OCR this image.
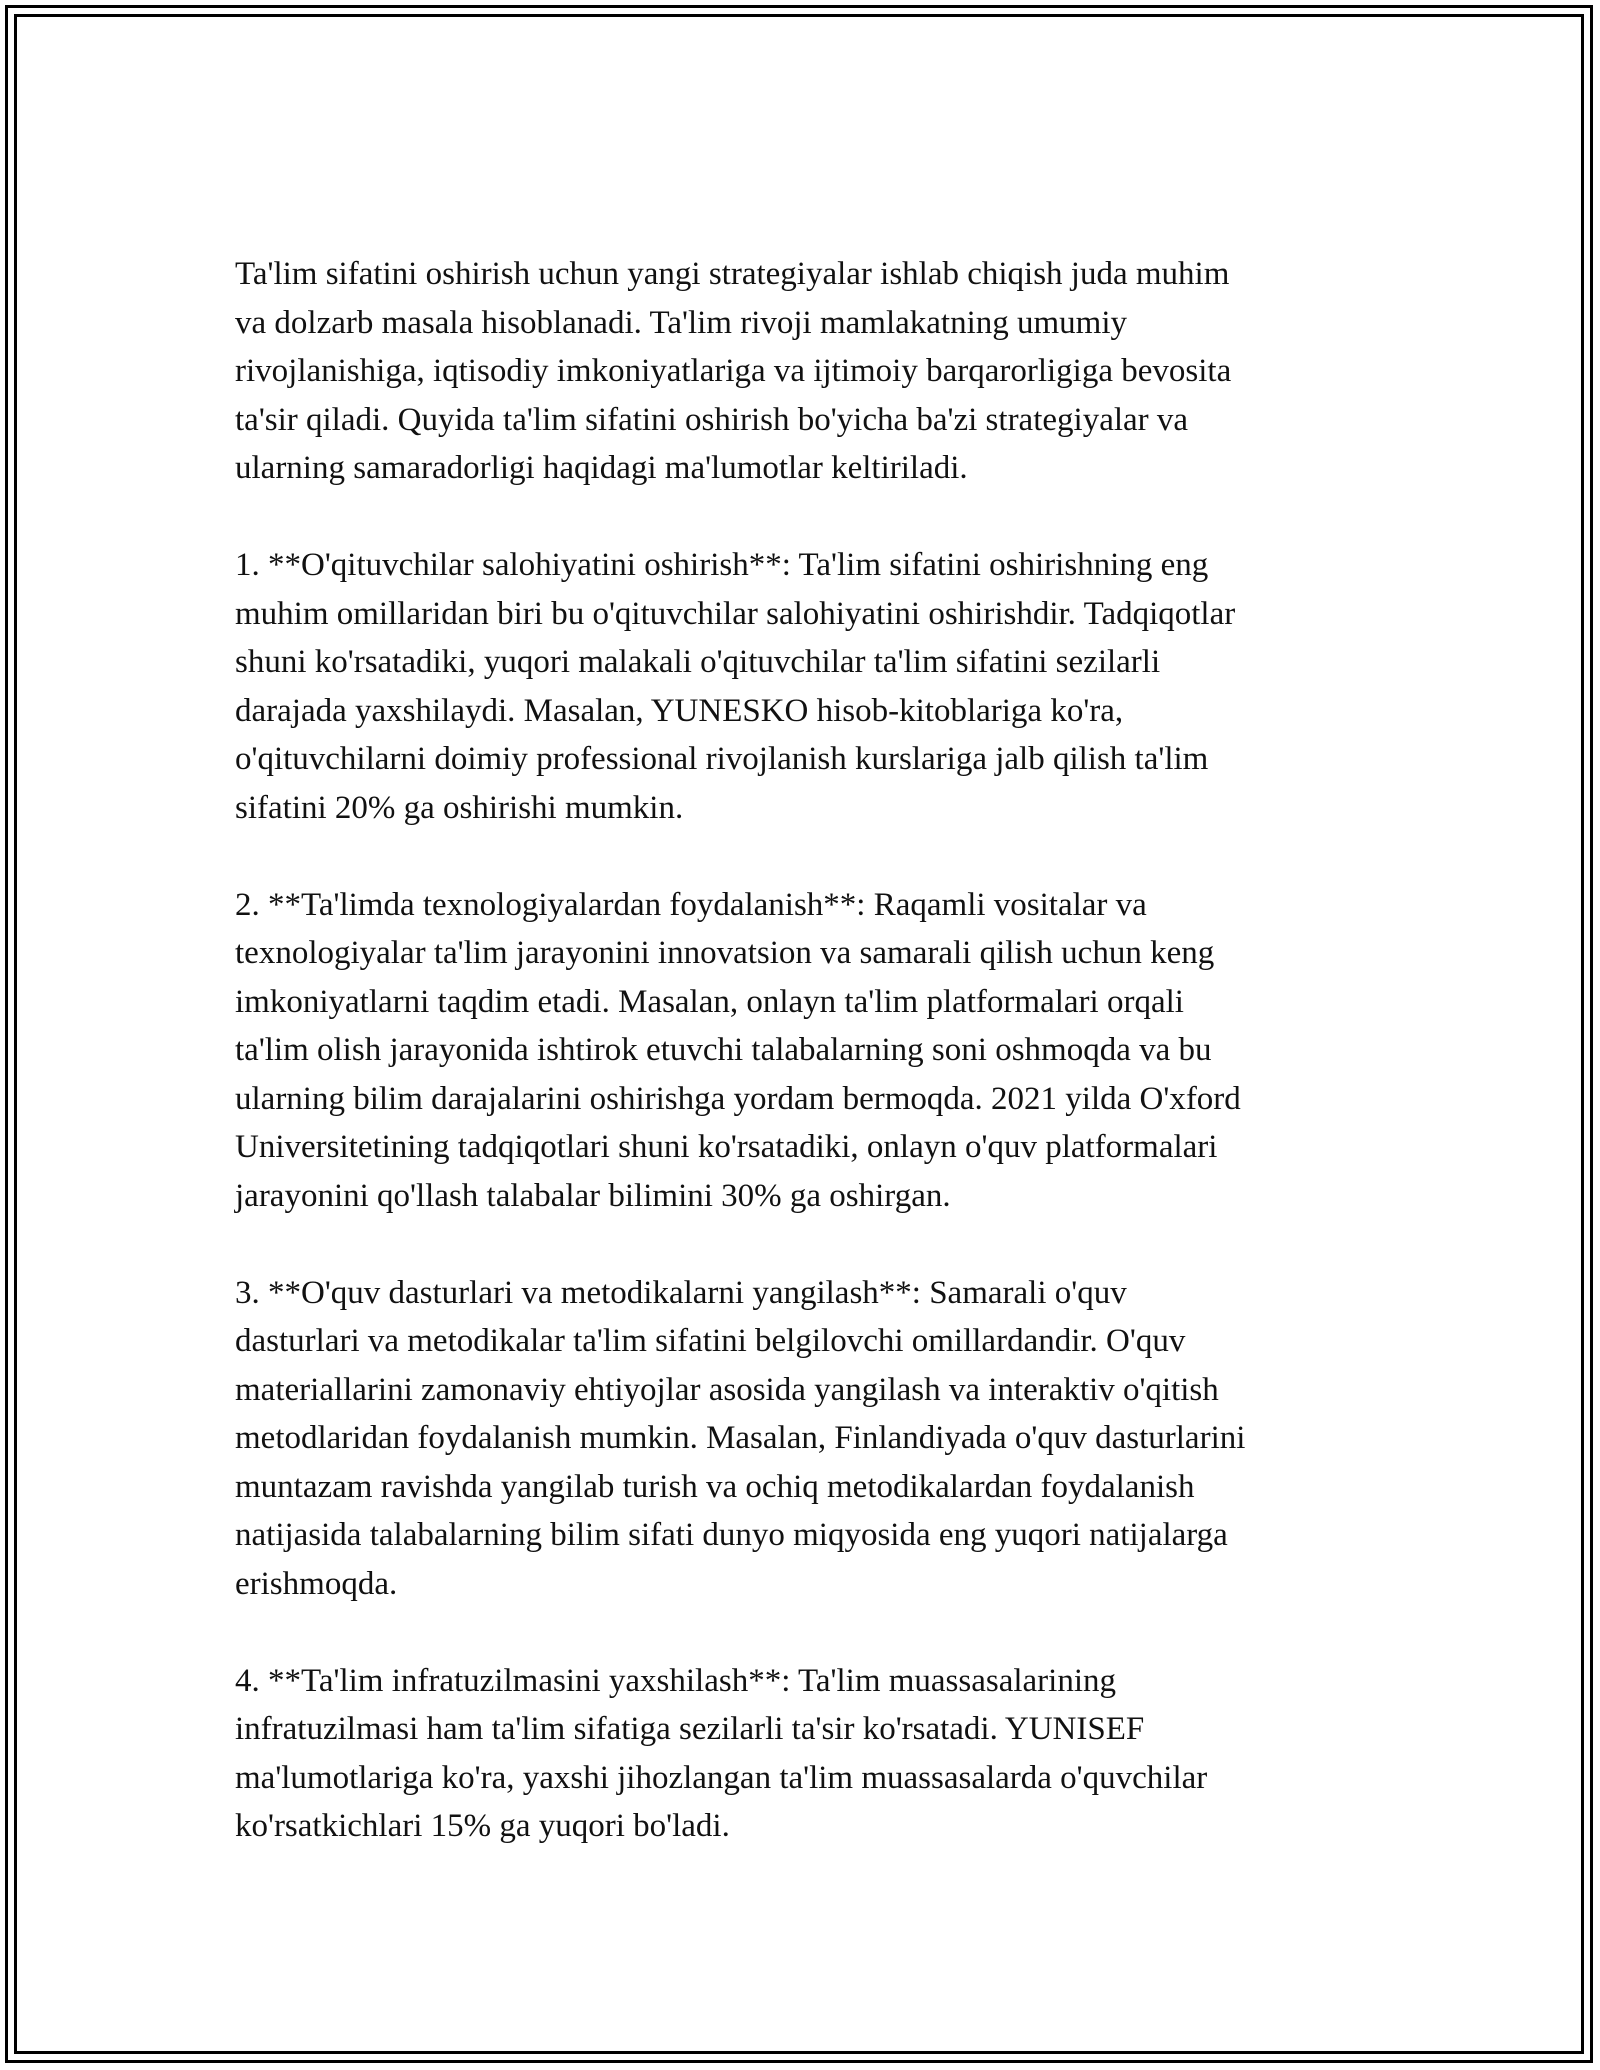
Ta'lim sifatini oshirish uchun yangi strategiyalar ishlab chiqish juda muhim
va dolzarb masala hisoblanadi. Ta'lim rivoji mamlakatning umumiy
rivojlanishiga, iqtisodiy imkoniyatlariga va ijtimoiy barqarorligiga bevosita
ta'sir qiladi. Quyida ta'lim sifatini oshirish bo'yicha ba'zi strategiyalar va
ularning samaradorligi haqidagi ma'lumotlar keltiriladi.

1. **O'qituvchilar salohiyatini oshirish**: Ta'lim sifatini oshirishning eng
muhim omillaridan biri bu o'qituvchilar salohiyatini oshirishdir. Tadqiqotlar
shuni ko'rsatadiki, yuqori malakali o'qituvchilar ta'lim sifatini sezilarli
darajada yaxshilaydi. Masalan, YUNESKO hisob-kitoblariga ko'ra,
o'qituvchilarni doimiy professional rivojlanish kurslariga jalb qilish ta'lim
sifatini 20% ga oshirishi mumkin.

2. **Ta'limda texnologiyalardan foydalanish**: Raqamli vositalar va
texnologiyalar ta'lim jarayonini innovatsion va samarali qilish uchun keng
imkoniyatlarni taqdim etadi. Masalan, onlayn ta'lim platformalari orqali
ta'lim olish jarayonida ishtirok etuvchi talabalarning soni oshmoqda va bu
ularning bilim darajalarini oshirishga yordam bermoqda. 2021 yilda O'xford
Universitetining tadqiqotlari shuni ko'rsatadiki, onlayn o'quv platformalari
jarayonini qo'llash talabalar bilimini 30% ga oshirgan.

3. **O'quv dasturlari va metodikalarni yangilash**: Samarali o'quv
dasturlari va metodikalar ta'lim sifatini belgilovchi omillardandir. O'quv
materiallarini zamonaviy ehtiyojlar asosida yangilash va interaktiv o'qitish
metodlaridan foydalanish mumkin. Masalan, Finlandiyada o'quv dasturlarini
muntazam ravishda yangilab turish va ochiq metodikalardan foydalanish
natijasida talabalarning bilim sifati dunyo miqyosida eng yuqori natijalarga
erishmoqda.

4. **Ta'lim infratuzilmasini yaxshilash**: Ta'lim muassasalarining
infratuzilmasi ham ta'lim sifatiga sezilarli ta'sir ko'rsatadi. YUNISEF
ma'lumotlariga ko'ra, yaxshi jihozlangan ta'lim muassasalarda o'quvchilar
ko'rsatkichlari 15% ga yuqori bo'ladi.
